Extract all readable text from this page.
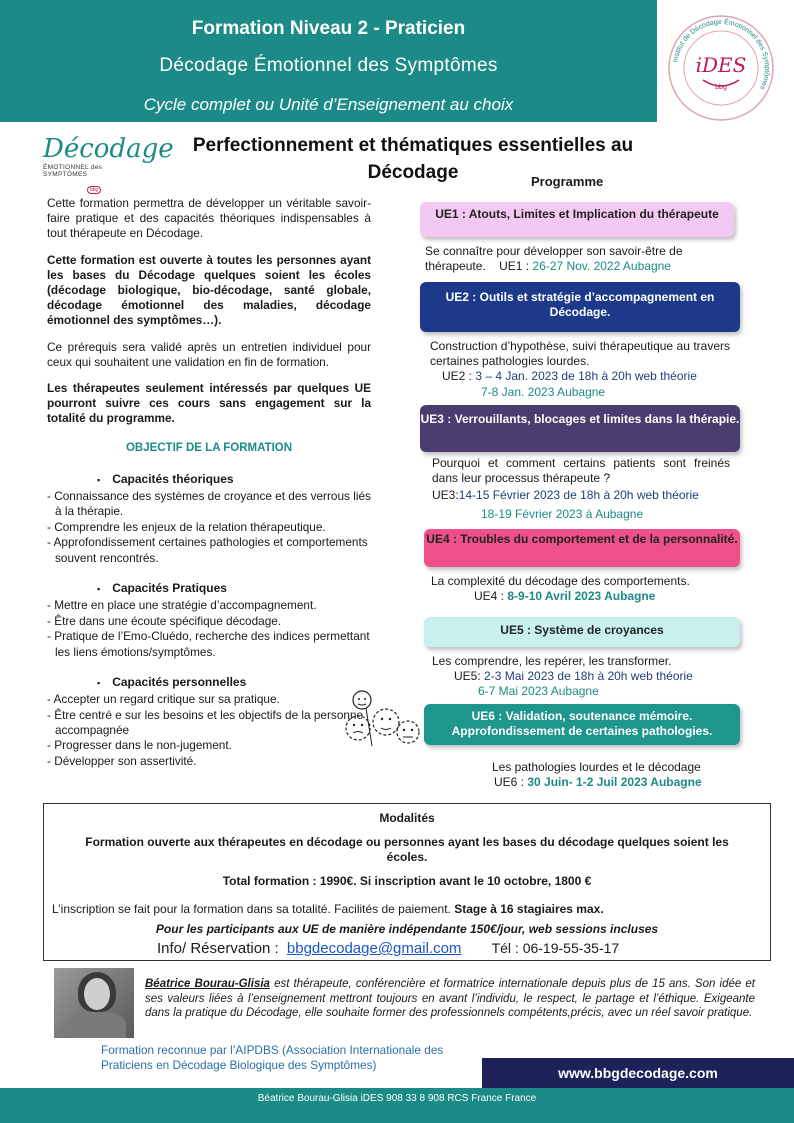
Formation Niveau 2 - Praticien
Décodage Émotionnel des Symptômes
Cycle complet ou Unité d’Enseignement au choix
Institut de Décodage Émotionnel des Symptômes
iDES
bbg
Décodage
ÉMOTIONNEL des SYMPTÔMES
bbg
Perfectionnement et thématiques essentielles au
Décodage

Cette formation permettra de développer un véritable savoir-faire pratique et des capacités théoriques indispensables à tout thérapeute en Décodage.

Cette formation est ouverte à toutes les personnes ayant les bases du Décodage quelques soient les écoles (décodage biologique, bio-décodage, santé globale, décodage émotionnel des maladies, décodage émotionnel des symptômes…).

Ce prérequis sera validé après un entretien individuel pour ceux qui souhaitent une validation en fin de formation.

Les thérapeutes seulement intéressés par quelques UE pourront suivre ces cours sans engagement sur la totalité du programme.

OBJECTIF DE LA FORMATION
▪ Capacités théoriques
- Connaissance des systèmes de croyance et des verrous liés à la thérapie.
- Comprendre les enjeux de la relation thérapeutique.
- Approfondissement certaines pathologies et comportements souvent rencontrés.
▪ Capacités Pratiques
- Mettre en place une stratégie d’accompagnement.
- Être dans une écoute spécifique décodage.
- Pratique de l’Emo-Cluédo, recherche des indices permettant les liens émotions/symptômes.
▪ Capacités personnelles
- Accepter un regard critique sur sa pratique.
- Être centré e sur les besoins et les objectifs de la personne accompagnée
- Progresser dans le non-jugement.
- Développer son assertivité.
Programme
UE1 : Atouts, Limites et Implication du thérapeute
Se connaître pour développer son savoir-être de thérapeute. UE1 : 26-27 Nov. 2022 Aubagne
UE2 : Outils et stratégie d’accompagnement en Décodage.
Construction d’hypothèse, suivi thérapeutique au travers certaines pathologies lourdes.
UE2 : 3 – 4 Jan. 2023 de 18h à 20h web théorie
7-8 Jan. 2023 Aubagne
UE3 : Verrouillants, blocages et limites dans la thérapie.
Pourquoi et comment certains patients sont freinés dans leur processus thérapeute ?
UE3:14-15 Février 2023 de 18h à 20h web théorie
18-19 Février 2023 à Aubagne
UE4 : Troubles du comportement et de la personnalité.
La complexité du décodage des comportements.
UE4 : 8-9-10 Avril 2023 Aubagne
UE5 : Système de croyances
Les comprendre, les repérer, les transformer.
UE5: 2-3 Mai 2023 de 18h à 20h web théorie
6-7 Mai 2023 Aubagne
UE6 : Validation, soutenance mémoire. Approfondissement de certaines pathologies.
Les pathologies lourdes et le décodage
UE6 : 30 Juin- 1-2 Juil 2023 Aubagne
Modalités
Formation ouverte aux thérapeutes en décodage ou personnes ayant les bases du décodage quelques soient les écoles.
Total formation : 1990€. Si inscription avant le 10 octobre, 1800 €
L’inscription se fait pour la formation dans sa totalité. Facilités de paiement. Stage à 16 stagiaires max.
Pour les participants aux UE de manière indépendante 150€/jour, web sessions incluses
Info/ Réservation : bbgdecodage@gmail.com Tél : 06-19-55-35-17
Béatrice Bourau-Glisia est thérapeute, conférencière et formatrice internationale depuis plus de 15 ans. Son idée et ses valeurs liées à l’enseignement mettront toujours en avant l’individu, le respect, le partage et l’éthique. Exigeante dans la pratique du Décodage, elle souhaite former des professionnels compétents,précis, avec un réel savoir pratique.
Formation reconnue par l’AIPDBS (Association Internationale des Praticiens en Décodage Biologique des Symptômes)
www.bbgdecodage.com
Béatrice Bourau-Glisia iDES 908 33 8 908 RCS France France
